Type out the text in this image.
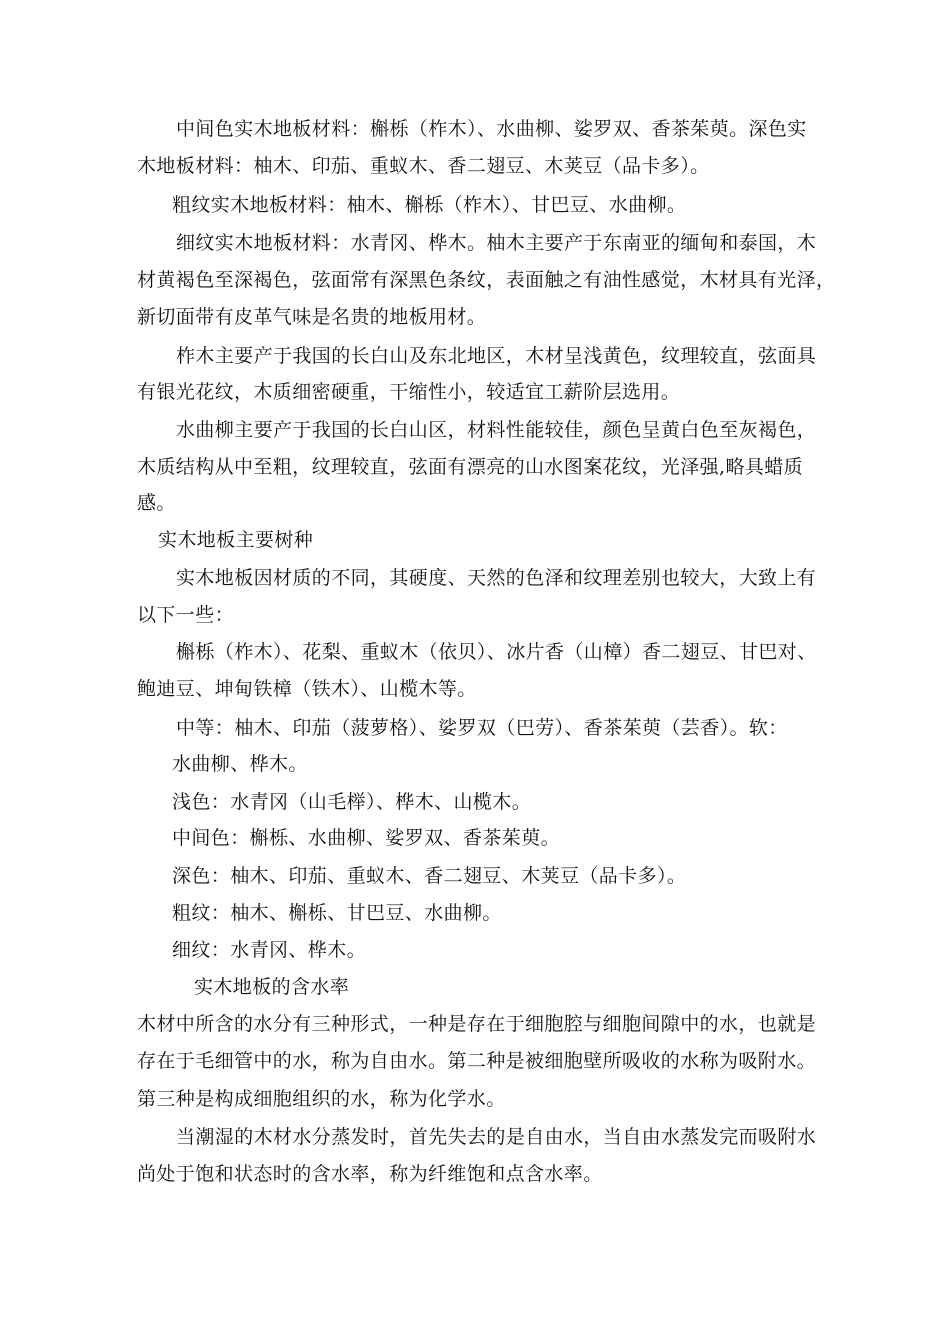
中间色实木地板材料：槲栎（柞木）、水曲柳、娑罗双、香茶茱萸。深色实
木地板材料：柚木、印茄、重蚁木、香二翅豆、木荚豆（品卡多）。
粗纹实木地板材料：柚木、槲栎（柞木）、甘巴豆、水曲柳。
细纹实木地板材料：水青冈、桦木。柚木主要产于东南亚的缅甸和泰国，木
材黄褐色至深褐色，弦面常有深黑色条纹，表面触之有油性感觉，木材具有光泽，
新切面带有皮革气味是名贵的地板用材。
柞木主要产于我国的长白山及东北地区，木材呈浅黄色，纹理较直，弦面具
有银光花纹，木质细密硬重，干缩性小，较适宜工薪阶层选用。
水曲柳主要产于我国的长白山区，材料性能较佳，颜色呈黄白色至灰褐色，
木质结构从中至粗，纹理较直，弦面有漂亮的山水图案花纹，光泽强,略具蜡质
感。
实木地板主要树种
实木地板因材质的不同，其硬度、天然的色泽和纹理差别也较大，大致上有
以下一些：
槲栎（柞木）、花梨、重蚁木（依贝）、冰片香（山樟）香二翅豆、甘巴对、
鲍迪豆、坤甸铁樟（铁木）、山榄木等。
中等：柚木、印茄（菠萝格）、娑罗双（巴劳）、香茶茱萸（芸香）。软：
水曲柳、桦木。
浅色：水青冈（山毛榉）、桦木、山榄木。
中间色：槲栎、水曲柳、娑罗双、香茶茱萸。
深色：柚木、印茄、重蚁木、香二翅豆、木荚豆（品卡多）。
粗纹：柚木、槲栎、甘巴豆、水曲柳。
细纹：水青冈、桦木。
实木地板的含水率
木材中所含的水分有三种形式，一种是存在于细胞腔与细胞间隙中的水，也就是
存在于毛细管中的水，称为自由水。第二种是被细胞壁所吸收的水称为吸附水。
第三种是构成细胞组织的水，称为化学水。
当潮湿的木材水分蒸发时，首先失去的是自由水，当自由水蒸发完而吸附水
尚处于饱和状态时的含水率，称为纤维饱和点含水率。
